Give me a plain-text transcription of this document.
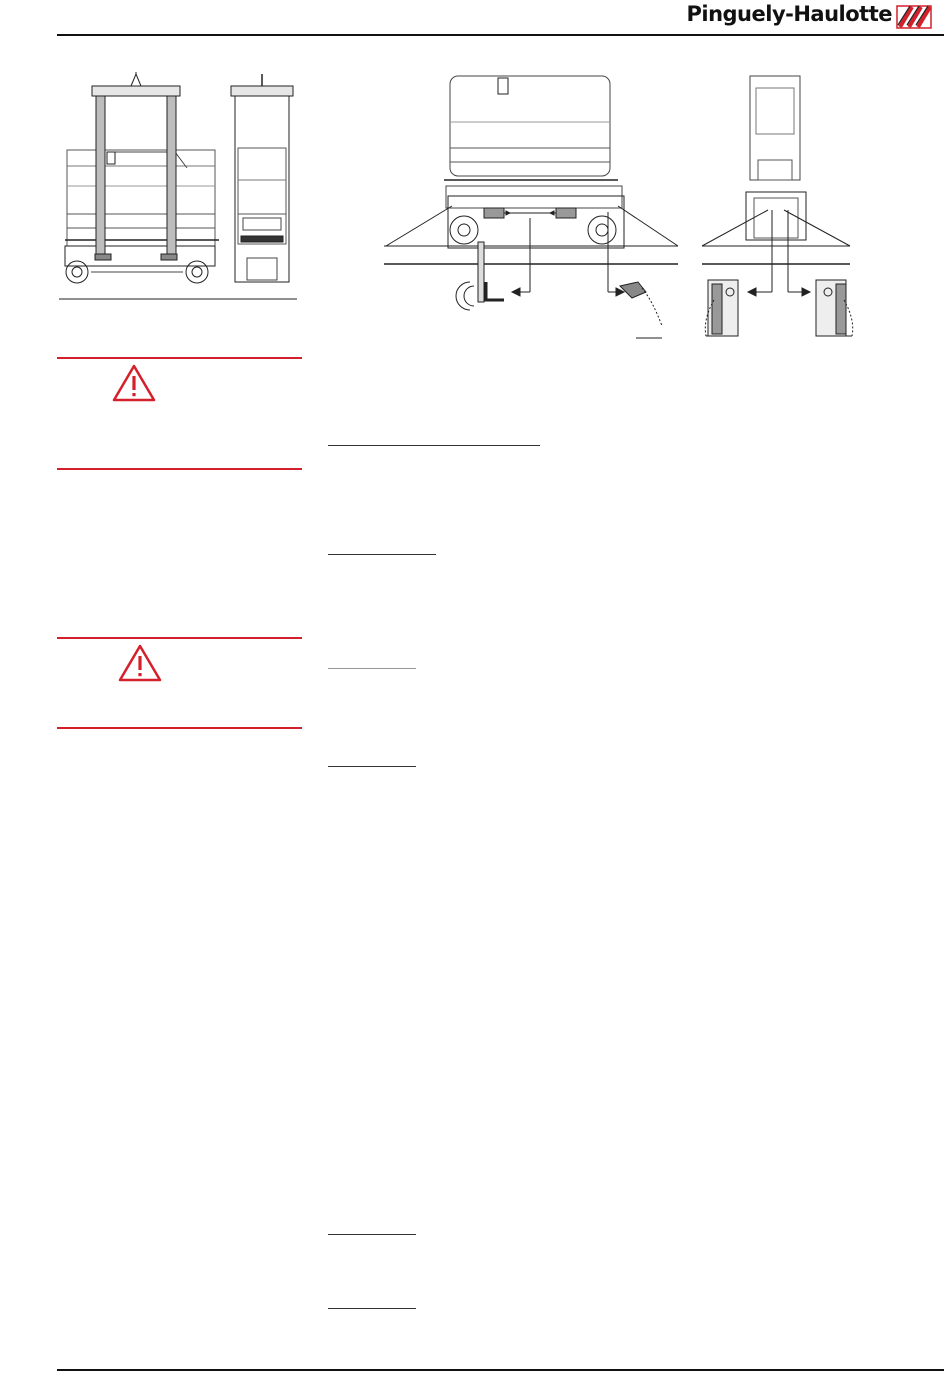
Pinguely-Haulotte
